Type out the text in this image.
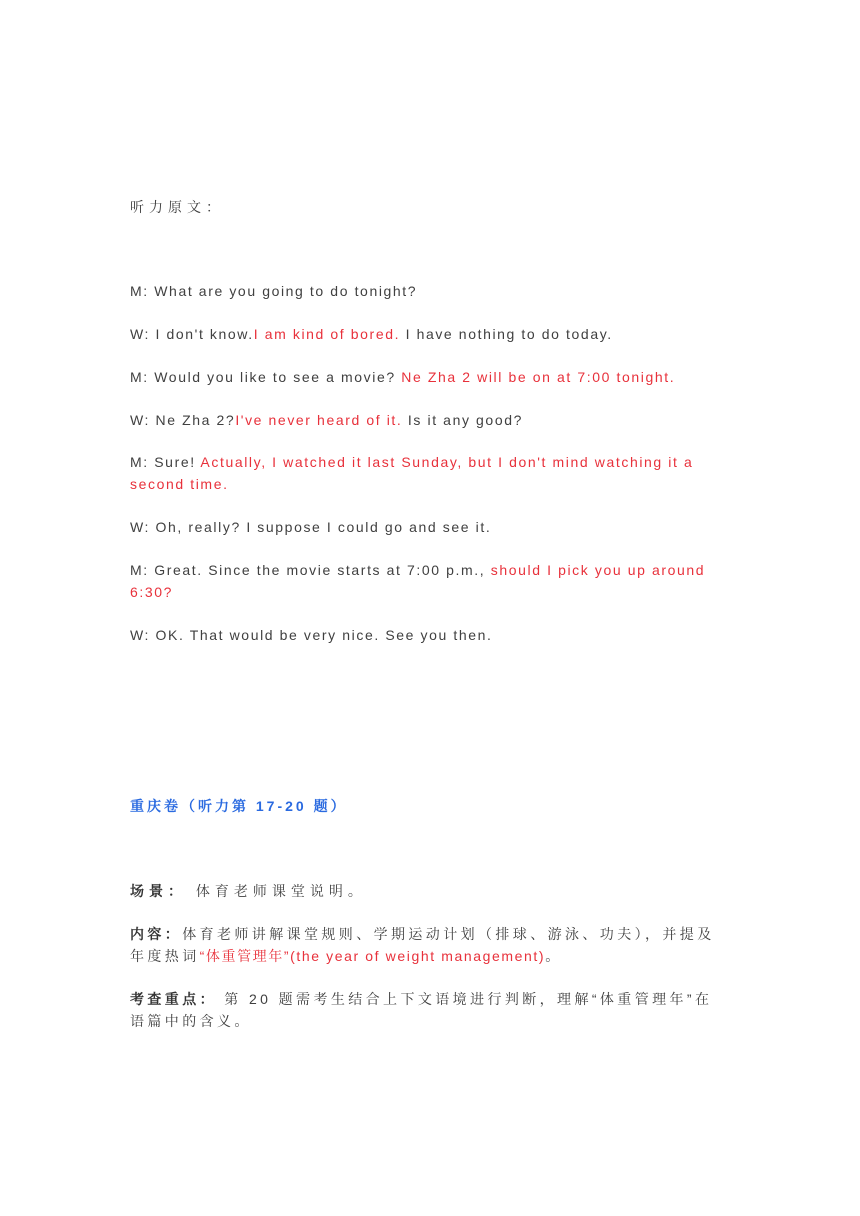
听力原文：
M: What are you going to do tonight?
W: I don't know.I am kind of bored. I have nothing to do today.
M: Would you like to see a movie? Ne Zha 2 will be on at 7:00 tonight.
W: Ne Zha 2?I've never heard of it. Is it any good?
M: Sure! Actually, I watched it last Sunday, but I don't mind watching it a second time.
W: Oh, really? I suppose I could go and see it.
M: Great. Since the movie starts at 7:00 p.m., should I pick you up around 6:30?
W: OK. That would be very nice. See you then.
重庆卷（听力第 17-20 题）
场景： 体育老师课堂说明。
内容：体育老师讲解课堂规则、学期运动计划（排球、游泳、功夫），并提及年度热词“体重管理年”(the year of weight management)。
考查重点： 第 20 题需考生结合上下文语境进行判断，理解“体重管理年”在语篇中的含义。
